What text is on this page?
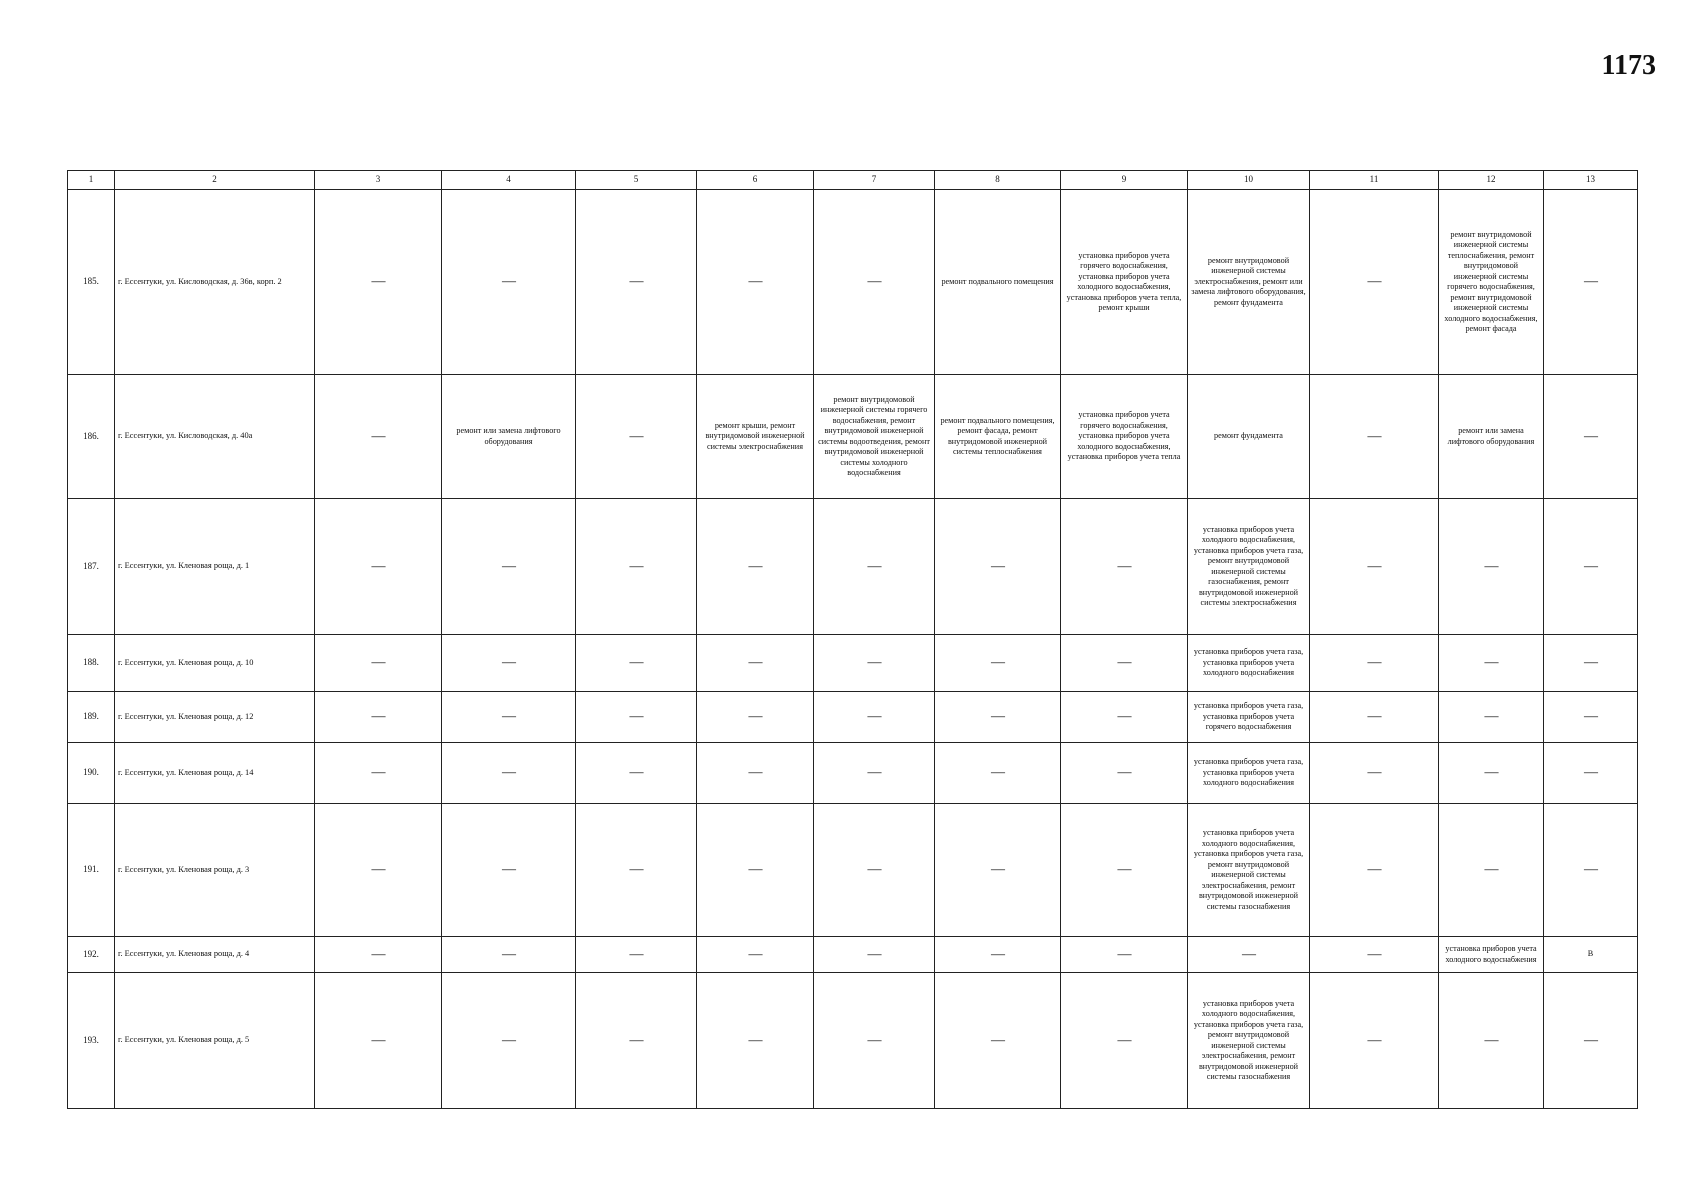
1173
1	2	3	4	5	6	7	8	9	10	11	12	13
185.	г. Ессентуки, ул. Кисловодская, д. 36в, корп. 2	—	—	—	—	—	ремонт подвального помещения	установка приборов учета горячего водоснабжения, установка приборов учета холодного водоснабжения, установка приборов учета тепла, ремонт крыши	ремонт внутридомовой инженерной системы электроснабжения, ремонт или замена лифтового оборудования, ремонт фундамента	—	ремонт внутридомовой инженерной системы теплоснабжения, ремонт внутридомовой инженерной системы горячего водоснабжения, ремонт внутридомовой инженерной системы холодного водоснабжения, ремонт фасада	—
186.	г. Ессентуки, ул. Кисловодская, д. 40а	—	ремонт или замена лифтового оборудования	—	ремонт крыши, ремонт внутридомовой инженерной системы электроснабжения	ремонт внутридомовой инженерной системы горячего водоснабжения, ремонт внутридомовой инженерной системы водоотведения, ремонт внутридомовой инженерной системы холодного водоснабжения	ремонт подвального помещения, ремонт фасада, ремонт внутридомовой инженерной системы теплоснабжения	установка приборов учета горячего водоснабжения, установка приборов учета холодного водоснабжения, установка приборов учета тепла	ремонт фундамента	—	ремонт или замена лифтового оборудования	—
187.	г. Ессентуки, ул. Кленовая роща, д. 1	—	—	—	—	—	—	—	установка приборов учета холодного водоснабжения, установка приборов учета газа, ремонт внутридомовой инженерной системы газоснабжения, ремонт внутридомовой инженерной системы электроснабжения	—	—	—
188.	г. Ессентуки, ул. Кленовая роща, д. 10	—	—	—	—	—	—	—	установка приборов учета газа, установка приборов учета холодного водоснабжения	—	—	—
189.	г. Ессентуки, ул. Кленовая роща, д. 12	—	—	—	—	—	—	—	установка приборов учета газа, установка приборов учета горячего водоснабжения	—	—	—
190.	г. Ессентуки, ул. Кленовая роща, д. 14	—	—	—	—	—	—	—	установка приборов учета газа, установка приборов учета холодного водоснабжения	—	—	—
191.	г. Ессентуки, ул. Кленовая роща, д. 3	—	—	—	—	—	—	—	установка приборов учета холодного водоснабжения, установка приборов учета газа, ремонт внутридомовой инженерной системы электроснабжения, ремонт внутридомовой инженерной системы газоснабжения	—	—	—
192.	г. Ессентуки, ул. Кленовая роща, д. 4	—	—	—	—	—	—	—	—	—	установка приборов учета холодного водоснабжения	В
193.	г. Ессентуки, ул. Кленовая роща, д. 5	—	—	—	—	—	—	—	установка приборов учета холодного водоснабжения, установка приборов учета газа, ремонт внутридомовой инженерной системы электроснабжения, ремонт внутридомовой инженерной системы газоснабжения	—	—	—
